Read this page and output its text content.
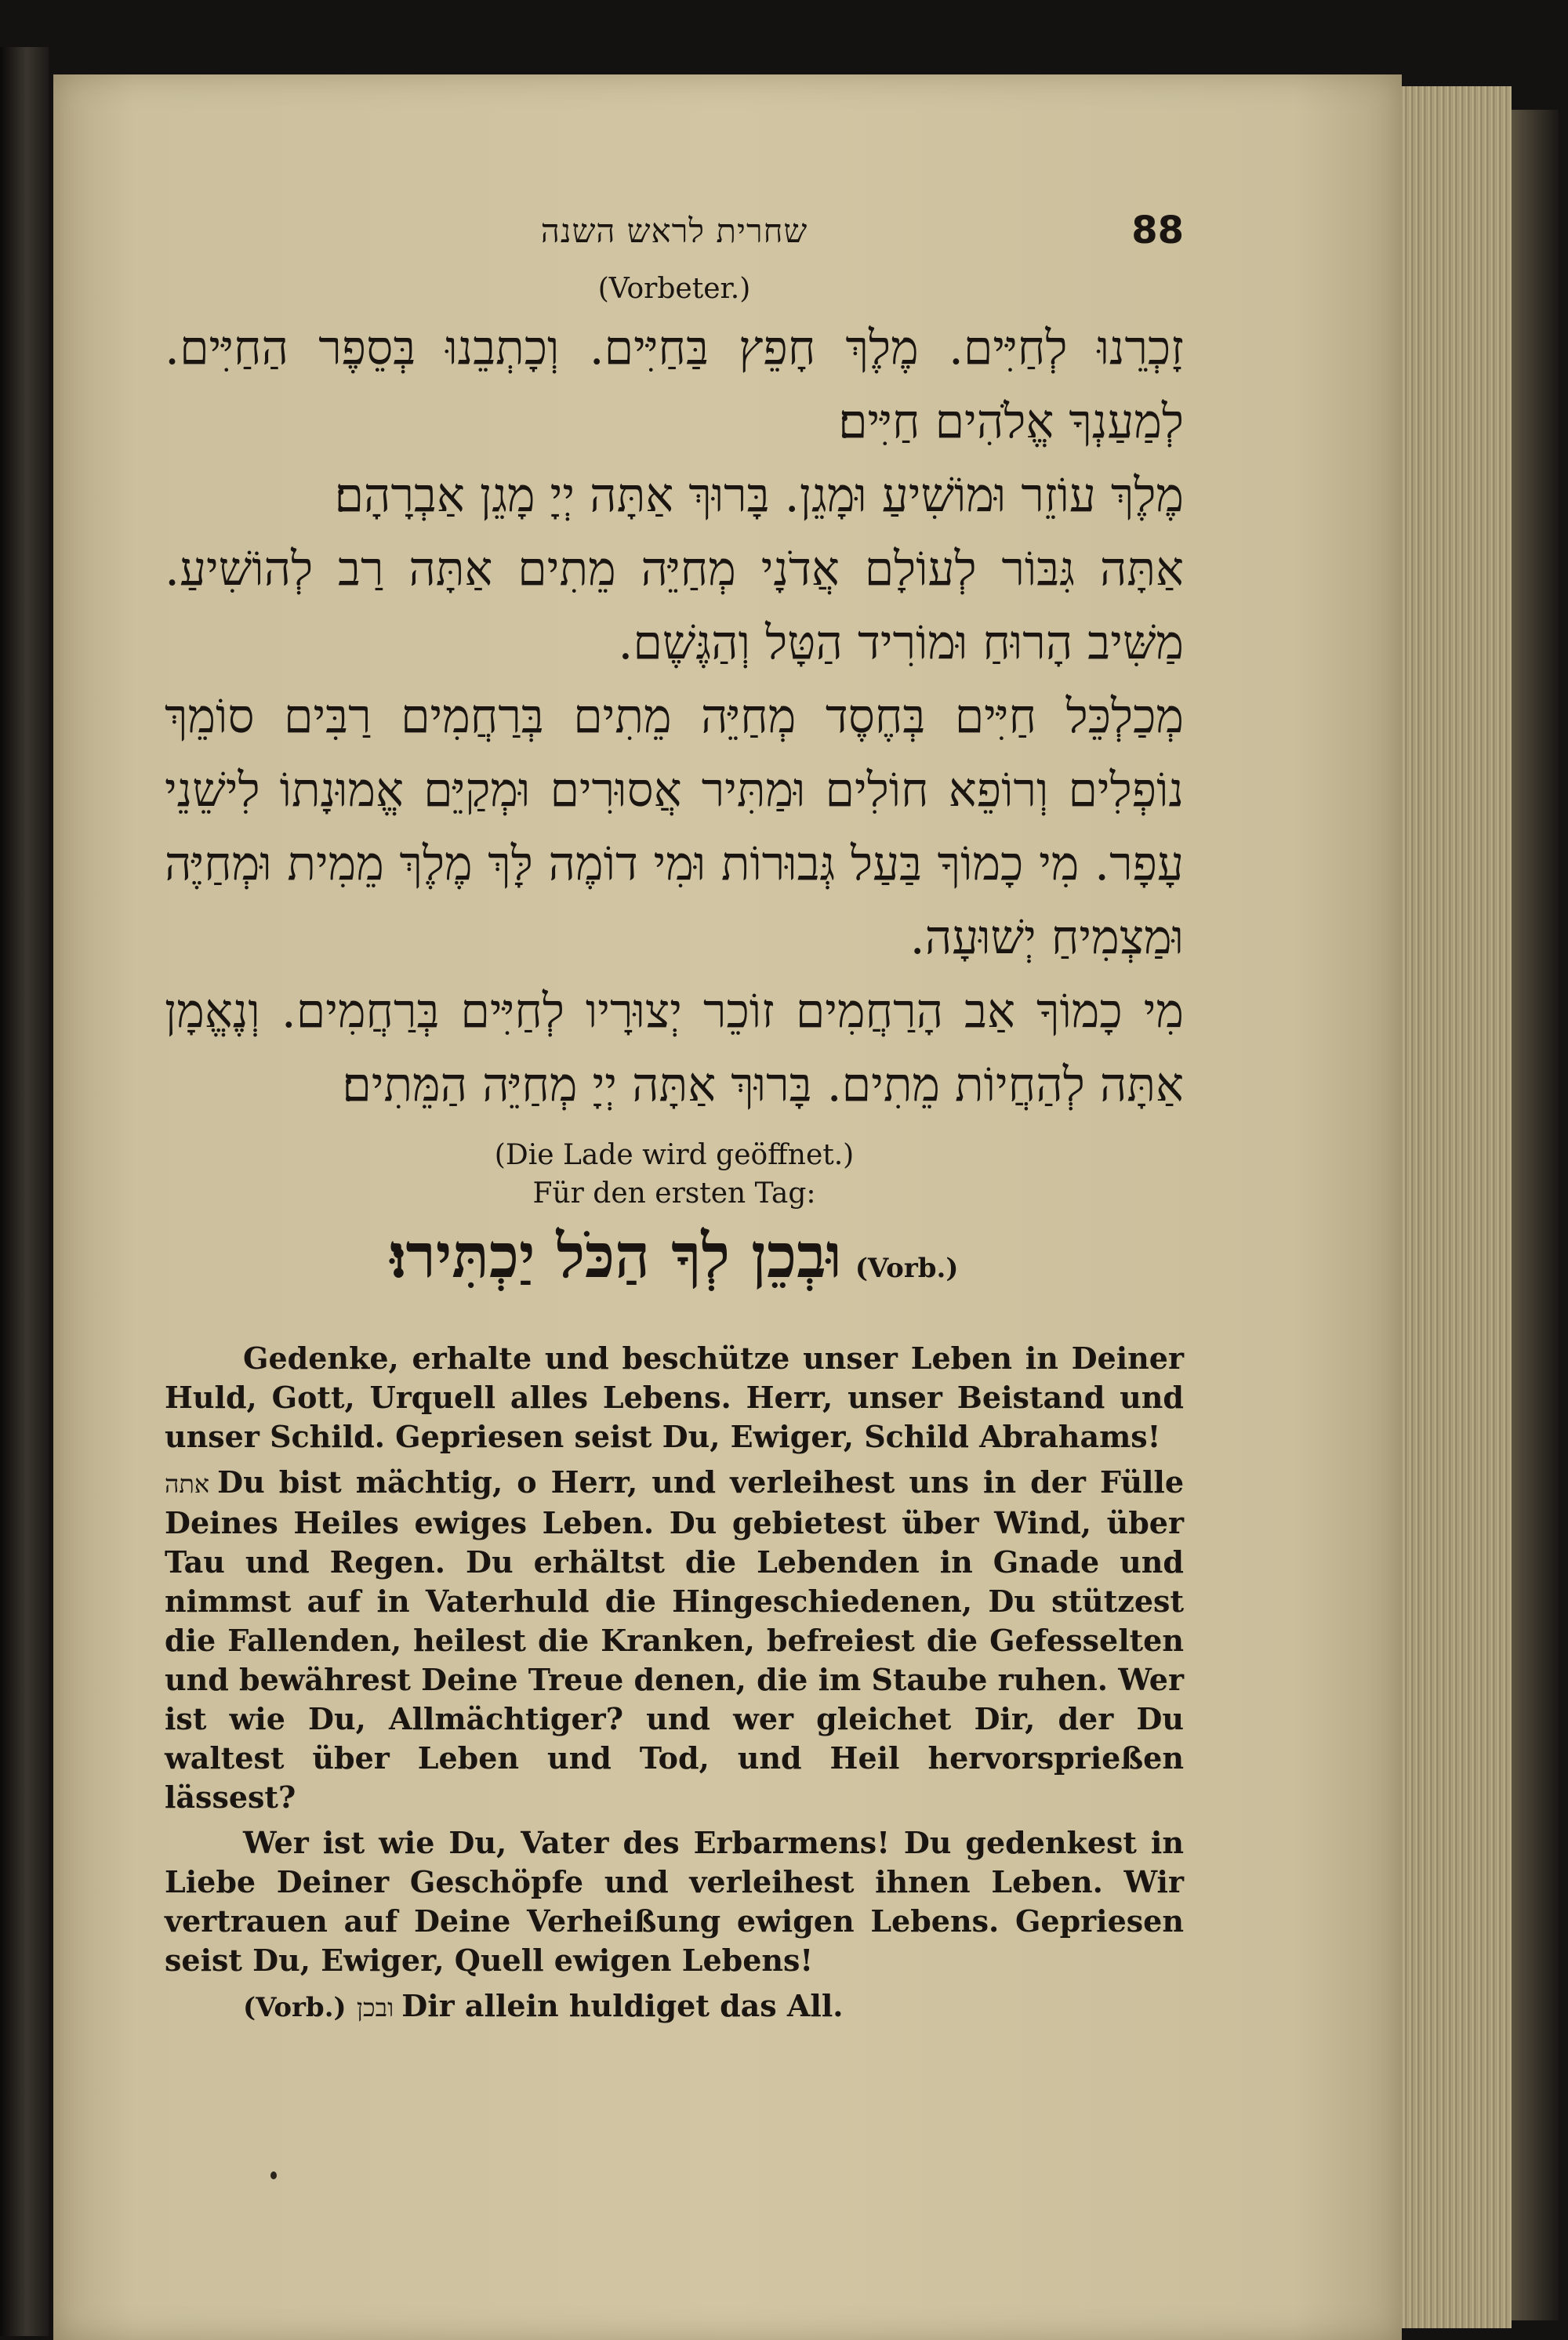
שחרית לראש השנה	88
(Vorbeter.)

זָכְרֵנוּ לְחַיִּים. מֶלֶךְ חָפֵץ בַּחַיִּים. וְכָתְבֵנוּ בְּסֵפֶר הַחַיִּים. לְמַעַנְךָ אֱלֹהִים חַיִּים׃

מֶלֶךְ עוֹזֵר וּמוֹשִׁיעַ וּמָגֵן. בָּרוּךְ אַתָּה יְיָ מָגֵן אַבְרָהָם׃

אַתָּה גִּבּוֹר לְעוֹלָם אֲדֹנָי מְחַיֵּה מֵתִים אַתָּה רַב לְהוֹשִׁיעַ. מַשִּׁיב הָרוּחַ וּמוֹרִיד הַטָּל וְהַגֶּשֶׁם.

מְכַלְכֵּל חַיִּים בְּחֶסֶד מְחַיֵּה מֵתִים בְּרַחֲמִים רַבִּים סוֹמֵךְ נוֹפְלִים וְרוֹפֵא חוֹלִים וּמַתִּיר אֲסוּרִים וּמְקַיֵּם אֱמוּנָתוֹ לִישֵׁנֵי עָפָר. מִי כָמוֹךָ בַּעַל גְּבוּרוֹת וּמִי דוֹמֶה לָּךְ מֶלֶךְ מֵמִית וּמְחַיֶּה וּמַצְמִיחַ יְשׁוּעָה.

מִי כָמוֹךָ אַב הָרַחֲמִים זוֹכֵר יְצוּרָיו לְחַיִּים בְּרַחֲמִים. וְנֶאֱמָן אַתָּה לְהַחֲיוֹת מֵתִים. בָּרוּךְ אַתָּה יְיָ מְחַיֵּה הַמֵּתִים׃

(Die Lade wird geöffnet.)
Für den ersten Tag:
וּבְכֵן לְךָ הַכֹּל יַכְתִּירוּ׃ (Vorb.)

Gedenke, erhalte und beschütze unser Leben in Deiner Huld, Gott, Urquell alles Lebens. Herr, unser Beistand und unser Schild. Gepriesen seist Du, Ewiger, Schild Abrahams!

אתה Du bist mächtig, o Herr, und verleihest uns in der Fülle Deines Heiles ewiges Leben. Du gebietest über Wind, über Tau und Regen. Du erhältst die Lebenden in Gnade und nimmst auf in Vaterhuld die Hingeschiedenen, Du stützest die Fallenden, heilest die Kranken, befreiest die Gefesselten und bewährest Deine Treue denen, die im Staube ruhen. Wer ist wie Du, Allmächtiger? und wer gleichet Dir, der Du waltest über Leben und Tod, und Heil hervorsprießen lässest?

Wer ist wie Du, Vater des Erbarmens! Du gedenkest in Liebe Deiner Geschöpfe und verleihest ihnen Leben. Wir vertrauen auf Deine Verheißung ewigen Lebens. Gepriesen seist Du, Ewiger, Quell ewigen Lebens!

(Vorb.) ובכן Dir allein huldiget das All.
